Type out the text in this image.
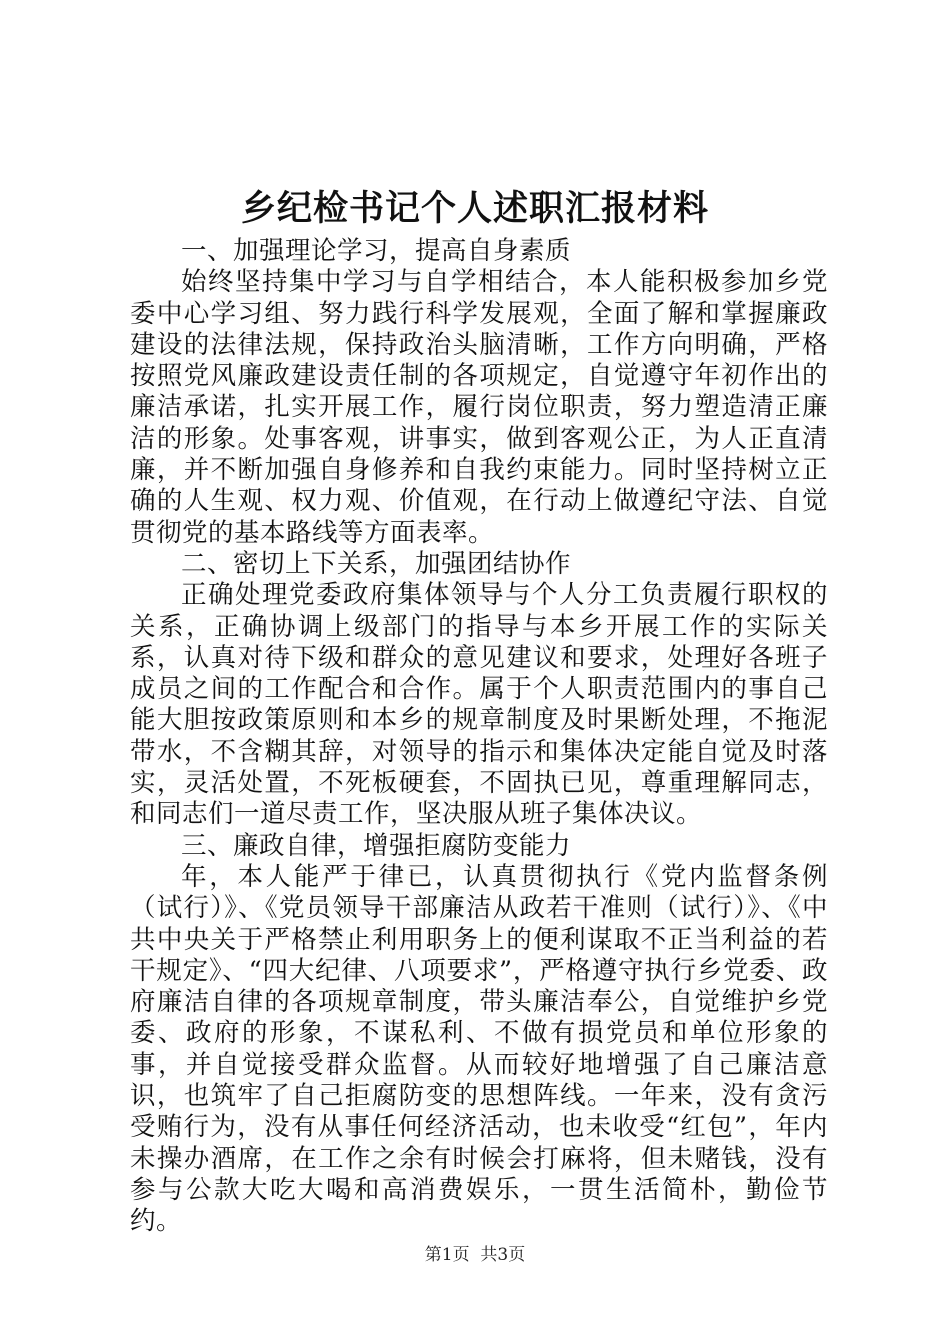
乡纪检书记个人述职汇报材料

一、加强理论学习，提高自身素质

始终坚持集中学习与自学相结合，本人能积极参加乡党委中心学习组、努力践行科学发展观，全面了解和掌握廉政建设的法律法规，保持政治头脑清晰，工作方向明确，严格按照党风廉政建设责任制的各项规定，自觉遵守年初作出的廉洁承诺，扎实开展工作，履行岗位职责，努力塑造清正廉洁的形象。处事客观，讲事实，做到客观公正，为人正直清廉，并不断加强自身修养和自我约束能力。同时坚持树立正确的人生观、权力观、价值观，在行动上做遵纪守法、自觉贯彻党的基本路线等方面表率。

二、密切上下关系，加强团结协作

正确处理党委政府集体领导与个人分工负责履行职权的关系，正确协调上级部门的指导与本乡开展工作的实际关系，认真对待下级和群众的意见建议和要求，处理好各班子成员之间的工作配合和合作。属于个人职责范围内的事自己能大胆按政策原则和本乡的规章制度及时果断处理，不拖泥带水，不含糊其辞，对领导的指示和集体决定能自觉及时落实，灵活处置，不死板硬套，不固执已见，尊重理解同志，和同志们一道尽责工作，坚决服从班子集体决议。

三、廉政自律，增强拒腐防变能力

年，本人能严于律已，认真贯彻执行《党内监督条例（试行）》、《党员领导干部廉洁从政若干准则（试行）》、《中共中央关于严格禁止利用职务上的便利谋取不正当利益的若干规定》、“四大纪律、八项要求”，严格遵守执行乡党委、政府廉洁自律的各项规章制度，带头廉洁奉公，自觉维护乡党委、政府的形象，不谋私利、不做有损党员和单位形象的事，并自觉接受群众监督。从而较好地增强了自己廉洁意识，也筑牢了自己拒腐防变的思想阵线。一年来，没有贪污受贿行为，没有从事任何经济活动，也未收受“红包”，年内未操办酒席，在工作之余有时候会打麻将，但未赌钱，没有参与公款大吃大喝和高消费娱乐，一贯生活简朴，勤俭节约。

第1页  共3页
